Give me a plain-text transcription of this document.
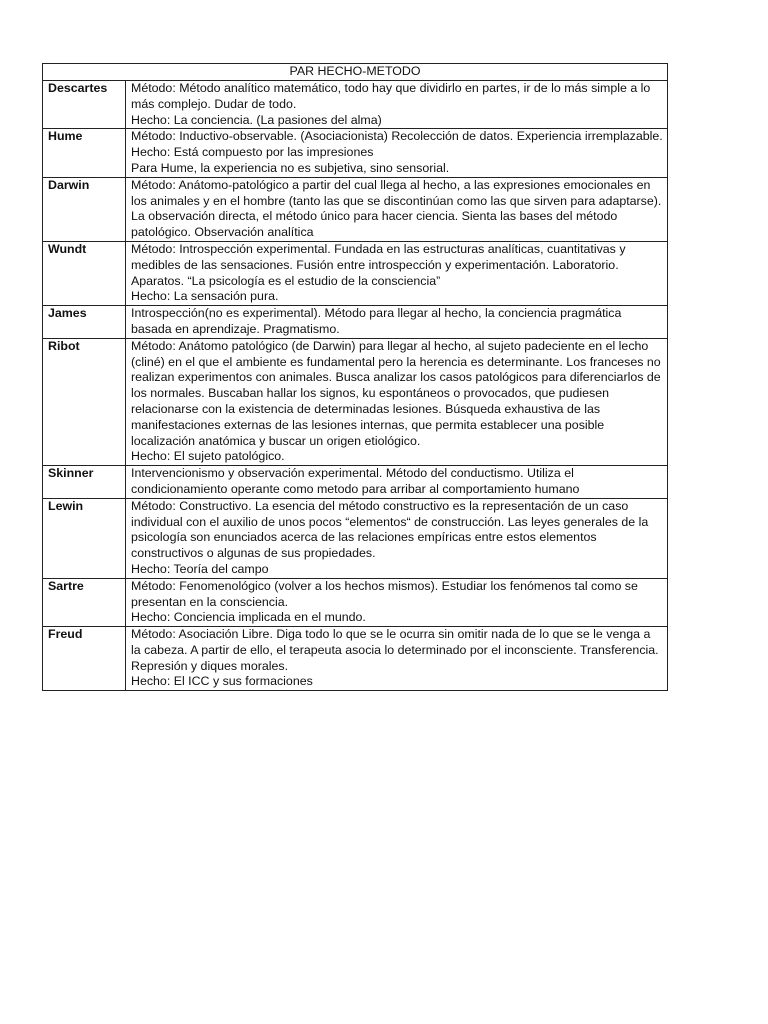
PAR HECHO-METODO	
Descartes	Método: Método analítico matemático, todo hay que dividirlo en partes, ir de lo más simple a lo más complejo. Dudar de todo.
Hecho: La conciencia. (La pasiones del alma)

Hume	Método: Inductivo-observable. (Asociacionista) Recolección de datos. Experiencia irremplazable.
Hecho: Está compuesto por las impresiones
Para Hume, la experiencia no es subjetiva, sino sensorial.

Darwin	Método: Anátomo-patológico a partir del cual llega al hecho, a las expresiones emocionales en los animales y en el hombre (tanto las que se discontinúan como las que sirven para adaptarse). La observación directa, el método único para hacer ciencia. Sienta las bases del método patológico. Observación analítica

Wundt	Método: Introspección experimental. Fundada en las estructuras analíticas, cuantitativas y medibles de las sensaciones. Fusión entre introspección y experimentación. Laboratorio. Aparatos. “La psicología es el estudio de la consciencia”
Hecho: La sensación pura.

James	Introspección(no es experimental). Método para llegar al hecho, la conciencia pragmática basada en aprendizaje. Pragmatismo.

Ribot	Método: Anátomo patológico (de Darwin) para llegar al hecho, al sujeto padeciente en el lecho (cliné) en el que el ambiente es fundamental pero la herencia es determinante. Los franceses no realizan experimentos con animales. Busca analizar los casos patológicos para diferenciarlos de los normales. Buscaban hallar los signos, ku espontáneos o provocados, que pudiesen relacionarse con la existencia de determinadas lesiones. Búsqueda exhaustiva de las manifestaciones externas de las lesiones internas, que permita establecer una posible localización anatómica y buscar un origen etiológico.
Hecho: El sujeto patológico.

Skinner	Intervencionismo y observación experimental. Método del conductismo. Utiliza el condicionamiento operante como metodo para arribar al comportamiento humano

Lewin	Método: Constructivo. La esencia del método constructivo es la representación de un caso individual con el auxilio de unos pocos “elementos“ de construcción. Las leyes generales de la psicología son enunciados acerca de las relaciones empíricas entre estos elementos constructivos o algunas de sus propiedades.
Hecho: Teoría del campo

Sartre	Método: Fenomenológico (volver a los hechos mismos). Estudiar los fenómenos tal como se presentan en la consciencia.
Hecho: Conciencia implicada en el mundo.

Freud	Método: Asociación Libre. Diga todo lo que se le ocurra sin omitir nada de lo que se le venga a la cabeza. A partir de ello, el terapeuta asocia lo determinado por el inconsciente. Transferencia. Represión y diques morales.
Hecho: El ICC y sus formaciones
